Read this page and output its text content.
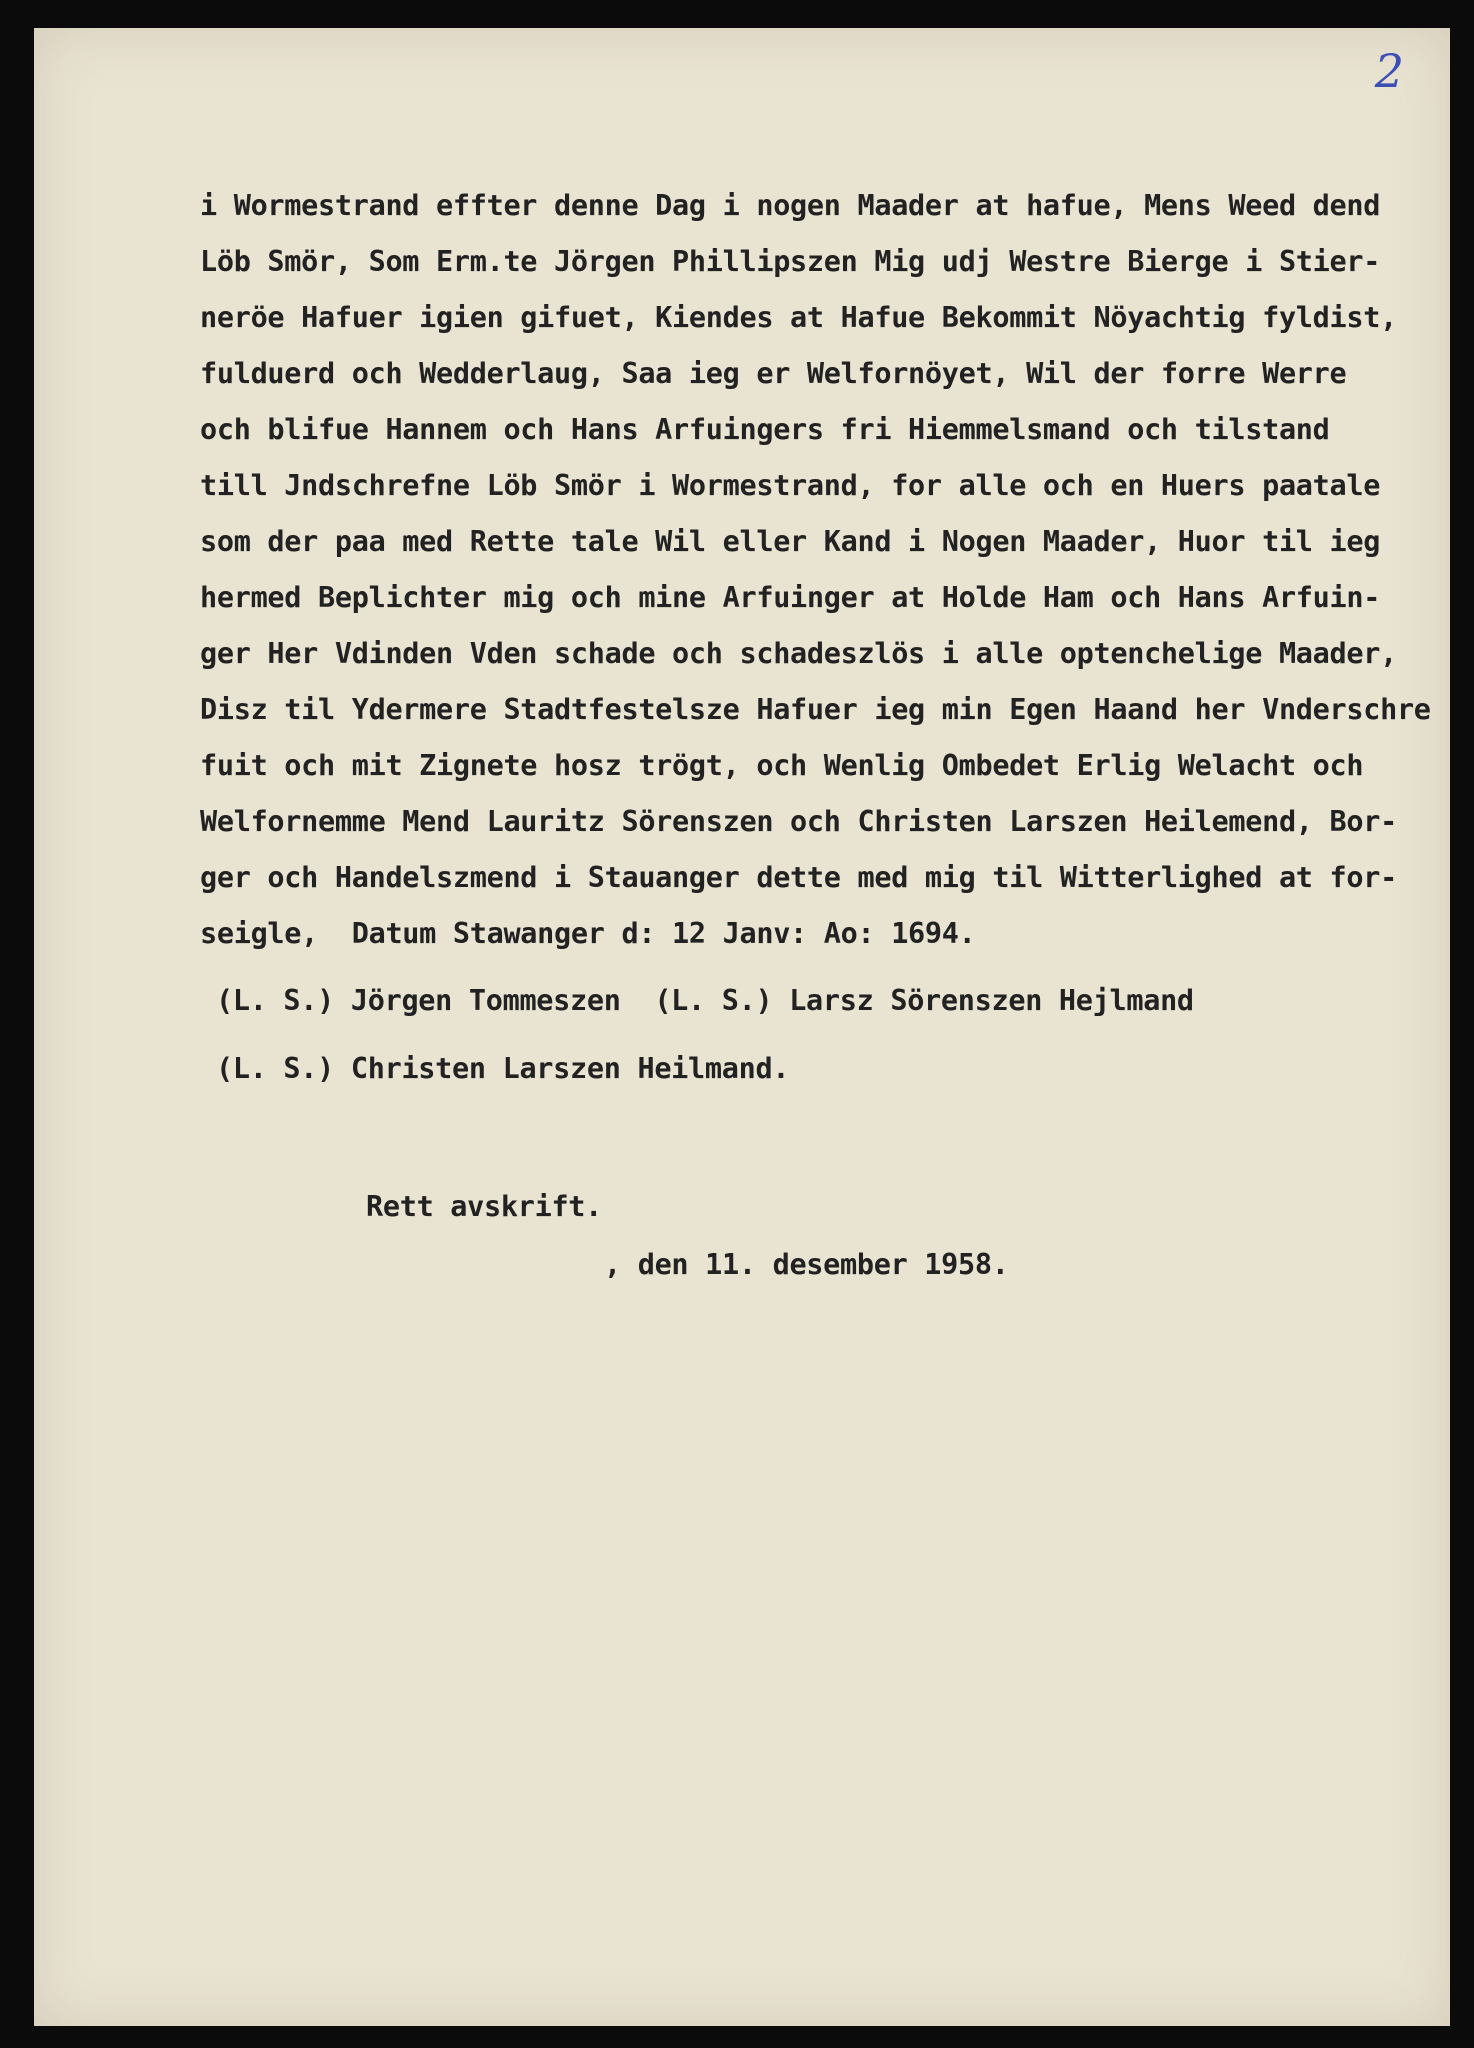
2
i Wormestrand effter denne Dag i nogen Maader at hafue, Mens Weed dend
Löb Smör, Som Erm.te Jörgen Phillipszen Mig udj Westre Bierge i Stier-
neröe Hafuer igien gifuet, Kiendes at Hafue Bekommit Nöyachtig fyldist,
fulduerd och Wedderlaug, Saa ieg er Welfornöyet, Wil der forre Werre
och blifue Hannem och Hans Arfuingers fri Hiemmelsmand och tilstand
till Jndschrefne Löb Smör i Wormestrand, for alle och en Huers paatale
som der paa med Rette tale Wil eller Kand i Nogen Maader, Huor til ieg
hermed Beplichter mig och mine Arfuinger at Holde Ham och Hans Arfuin-
ger Her Vdinden Vden schade och schadeszlös i alle optenchelige Maader,
Disz til Ydermere Stadtfestelsze Hafuer ieg min Egen Haand her Vnderschre
fuit och mit Zignete hosz trögt, och Wenlig Ombedet Erlig Welacht och
Welfornemme Mend Lauritz Sörenszen och Christen Larszen Heilemend, Bor-
ger och Handelszmend i Stauanger dette med mig til Witterlighed at for-
seigle,  Datum Stawanger d: 12 Janv: Ao: 1694.
(L. S.) Jörgen Tommeszen  (L. S.) Larsz Sörenszen Hejlmand
(L. S.) Christen Larszen Heilmand.
Rett avskrift.
, den 11. desember 1958.
